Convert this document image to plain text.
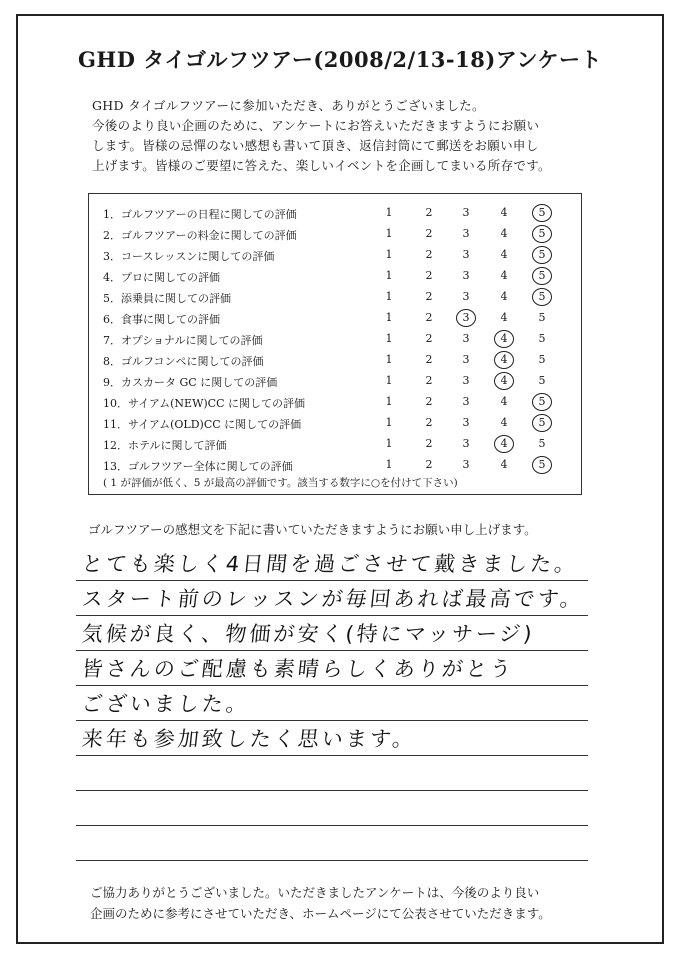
GHD タイゴルフツアー(2008/2/13-18)アンケート
GHD タイゴルフツアーに参加いただき、ありがとうございました。
今後のより良い企画のために、アンケートにお答えいただきますようにお願い
します。皆様の忌憚のない感想も書いて頂き、返信封筒にて郵送をお願い申し
上げます。皆様のご要望に答えた、楽しいイベントを企画してまいる所存です。
( 1 が評価が低く、5 が最高の評価です。該当する数字に○を付けて下さい)
1．ゴルフツアーの日程に関しての評価	1	2	3	4	5
2．ゴルフツアーの料金に関しての評価	1	2	3	4	5
3．コースレッスンに関しての評価	1	2	3	4	5
4．プロに関しての評価	1	2	3	4	5
5．添乗員に関しての評価	1	2	3	4	5
6．食事に関しての評価	1	2	3	4	5
7．オプショナルに関しての評価	1	2	3	4	5
8．ゴルフコンペに関しての評価	1	2	3	4	5
9．カスカータ GC に関しての評価	1	2	3	4	5
10．サイアム(NEW)CC に関しての評価	1	2	3	4	5
11．サイアム(OLD)CC に関しての評価	1	2	3	4	5
12．ホテルに関して評価	1	2	3	4	5
13．ゴルフツアー全体に関しての評価	1	2	3	4	5
ゴルフツアーの感想文を下記に書いていただきますようにお願い申し上げます。
とても楽しく4日間を過ごさせて戴きました。
スタート前のレッスンが毎回あれば最高です。
気候が良く、物価が安く(特にマッサージ)
皆さんのご配慮も素晴らしくありがとう
ございました。
来年も参加致したく思います。
ご協力ありがとうございました。いただきましたアンケートは、今後のより良い
企画のために参考にさせていただき、ホームページにて公表させていただきます。
